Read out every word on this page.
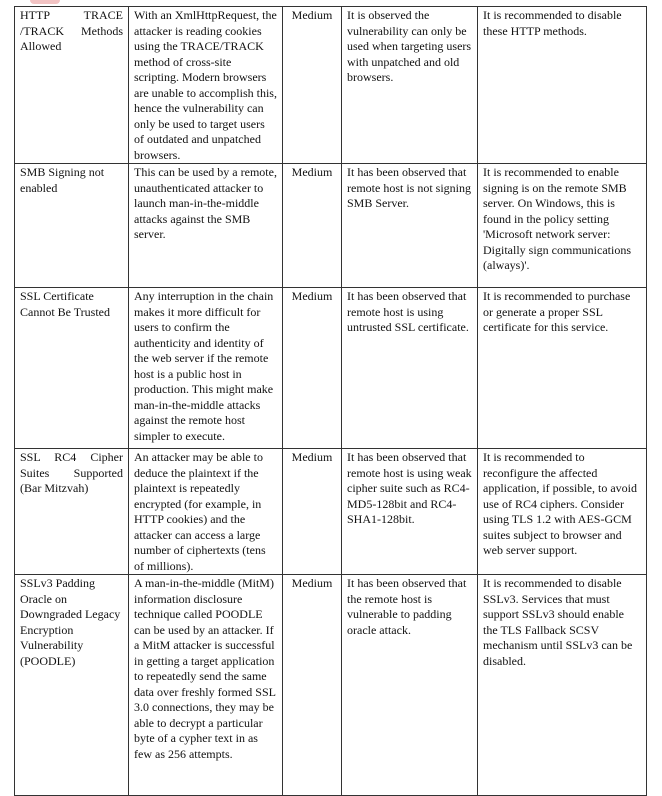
HTTP TRACE /TRACK Methods Allowed	With an XmlHttpRequest, the attacker is reading cookies using the TRACE/TRACK method of cross-site scripting. Modern browsers are unable to accomplish this, hence the vulnerability can only be used to target users of outdated and unpatched browsers.	Medium	It is observed the vulnerability can only be used when targeting users with unpatched and old browsers.	It is recommended to disable these HTTP methods.
SMB Signing not enabled	This can be used by a remote, unauthenticated attacker to launch man-in-the-middle attacks against the SMB server.	Medium	It has been observed that remote host is not signing SMB Server.	It is recommended to enable signing is on the remote SMB server. On Windows, this is found in the policy setting 'Microsoft network server: Digitally sign communications (always)'.
SSL Certificate Cannot Be Trusted	Any interruption in the chain makes it more difficult for users to confirm the authenticity and identity of the web server if the remote host is a public host in production. This might make man-in-the-middle attacks against the remote host simpler to execute.	Medium	It has been observed that remote host is using untrusted SSL certificate.	It is recommended to purchase or generate a proper SSL certificate for this service.
SSL RC4 Cipher Suites Supported (Bar Mitzvah)	An attacker may be able to deduce the plaintext if the plaintext is repeatedly encrypted (for example, in HTTP cookies) and the attacker can access a large number of ciphertexts (tens of millions).	Medium	It has been observed that remote host is using weak cipher suite such as RC4-MD5-128bit and RC4-SHA1-128bit.	It is recommended to reconfigure the affected application, if possible, to avoid use of RC4 ciphers. Consider using TLS 1.2 with AES-GCM suites subject to browser and web server support.
SSLv3 Padding Oracle on Downgraded Legacy Encryption Vulnerability (POODLE)	A man-in-the-middle (MitM) information disclosure technique called POODLE can be used by an attacker. If a MitM attacker is successful in getting a target application to repeatedly send the same data over freshly formed SSL 3.0 connections, they may be able to decrypt a particular byte of a cypher text in as few as 256 attempts.	Medium	It has been observed that the remote host is vulnerable to padding oracle attack.	It is recommended to disable SSLv3. Services that must support SSLv3 should enable the TLS Fallback SCSV mechanism until SSLv3 can be disabled.
